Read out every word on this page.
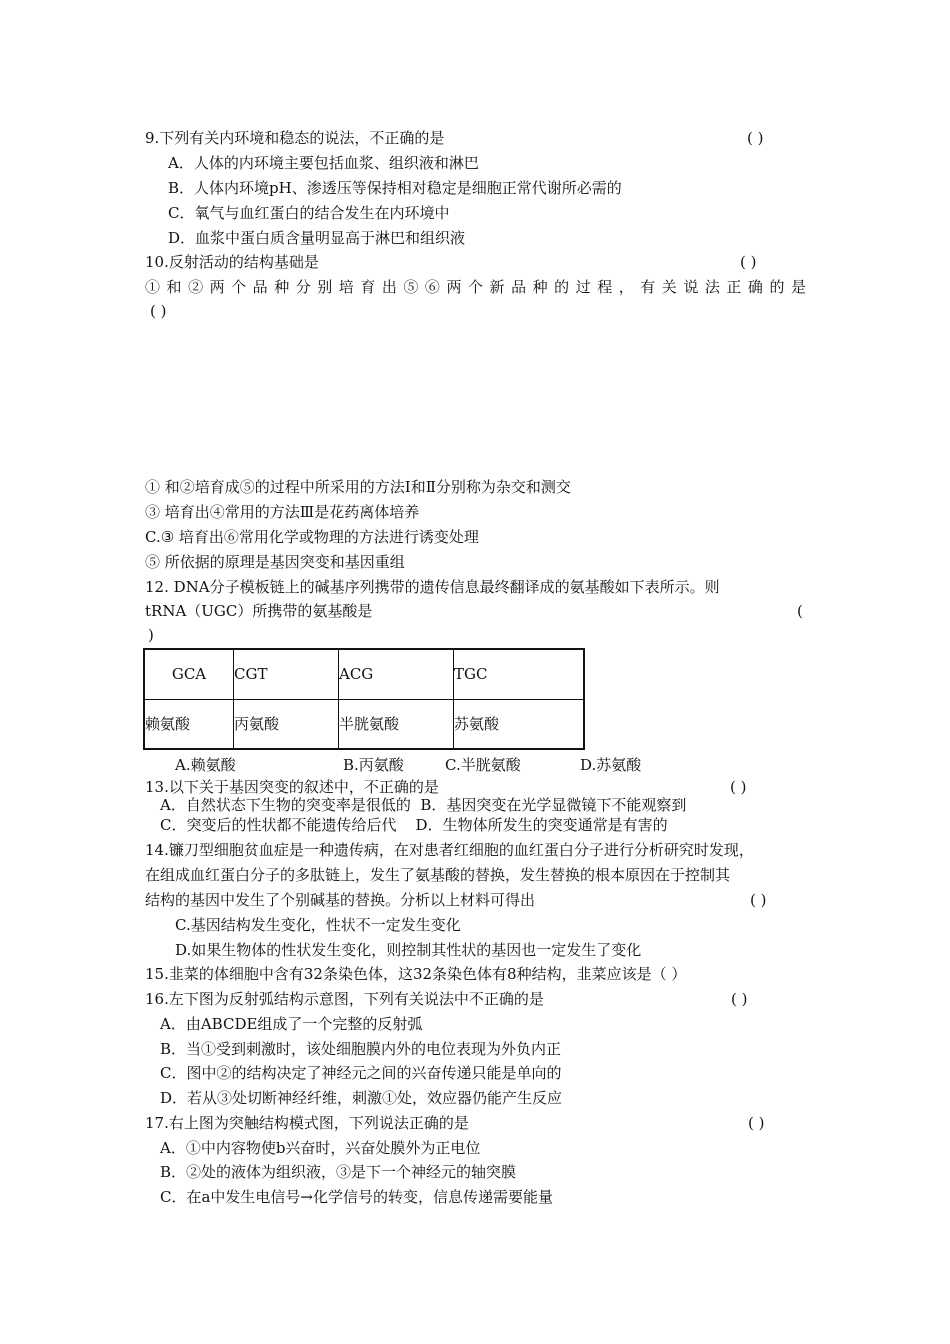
9.下列有关内环境和稳态的说法，不正确的是	( )
A．人体的内环境主要包括血浆、组织液和淋巴
B．人体内环境pH、渗透压等保持相对稳定是细胞正常代谢所必需的
C．氧气与血红蛋白的结合发生在内环境中
D．血浆中蛋白质含量明显高于淋巴和组织液
10.反射活动的结构基础是	( )
① 和 ② 两 个 品 种 分 别 培 育 出 ⑤ ⑥ 两 个 新 品 种 的 过 程 ， 有 关 说 法 正 确 的 是
( )
① 和②培育成⑤的过程中所采用的方法Ⅰ和Ⅱ分别称为杂交和测交
③ 培育出④常用的方法Ⅲ是花药离体培养
C.③ 培育出⑥常用化学或物理的方法进行诱变处理
⑤ 所依据的原理是基因突变和基因重组
12. DNA分子模板链上的碱基序列携带的遗传信息最终翻译成的氨基酸如下表所示。则
tRNA（UGC）所携带的氨基酸是	(
)
GCA	CGT	ACG	TGC
赖氨酸	丙氨酸	半胱氨酸	苏氨酸
A.赖氨酸	B.丙氨酸	C.半胱氨酸	D.苏氨酸
13.以下关于基因突变的叙述中，不正确的是	( )
A．自然状态下生物的突变率是很低的  B．基因突变在光学显微镜下不能观察到
C．突变后的性状都不能遗传给后代    D．生物体所发生的突变通常是有害的
14.镰刀型细胞贫血症是一种遗传病，在对患者红细胞的血红蛋白分子进行分析研究时发现，
在组成血红蛋白分子的多肽链上，发生了氨基酸的替换，发生替换的根本原因在于控制其
结构的基因中发生了个别碱基的替换。分析以上材料可得出	( )
C.基因结构发生变化，性状不一定发生变化
D.如果生物体的性状发生变化，则控制其性状的基因也一定发生了变化
15.韭菜的体细胞中含有32条染色体，这32条染色体有8种结构，韭菜应该是（ ）
16.左下图为反射弧结构示意图，下列有关说法中不正确的是	( )
A．由ABCDE组成了一个完整的反射弧
B．当①受到刺激时，该处细胞膜内外的电位表现为外负内正
C．图中②的结构决定了神经元之间的兴奋传递只能是单向的
D．若从③处切断神经纤维，刺激①处，效应器仍能产生反应
17.右上图为突触结构模式图，下列说法正确的是	( )
A．①中内容物使b兴奋时，兴奋处膜外为正电位
B．②处的液体为组织液，③是下一个神经元的轴突膜
C．在a中发生电信号→化学信号的转变，信息传递需要能量
